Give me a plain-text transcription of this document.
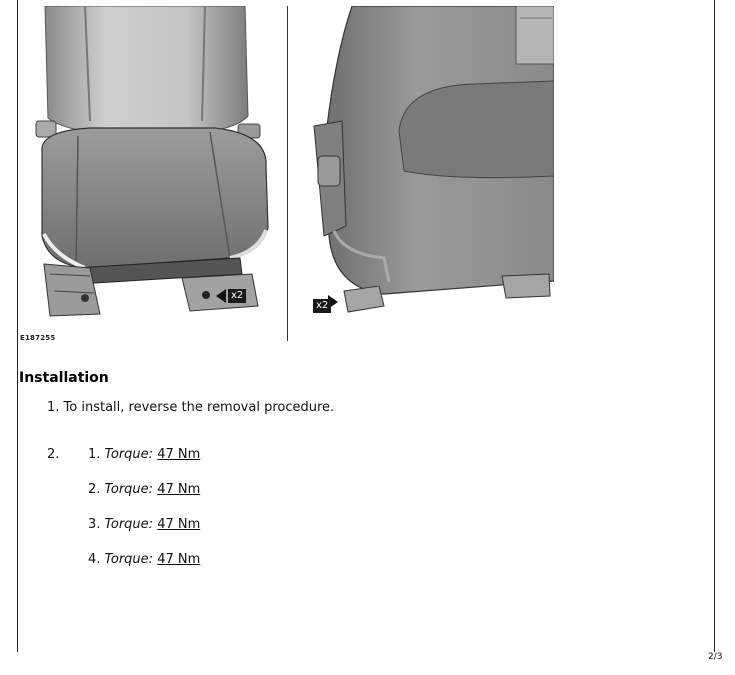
x2
x2
E187255
Installation
1. To install, reverse the removal procedure.
2. 1. Torque: 47 Nm
2. Torque: 47 Nm
3. Torque: 47 Nm
4. Torque: 47 Nm
2/3
